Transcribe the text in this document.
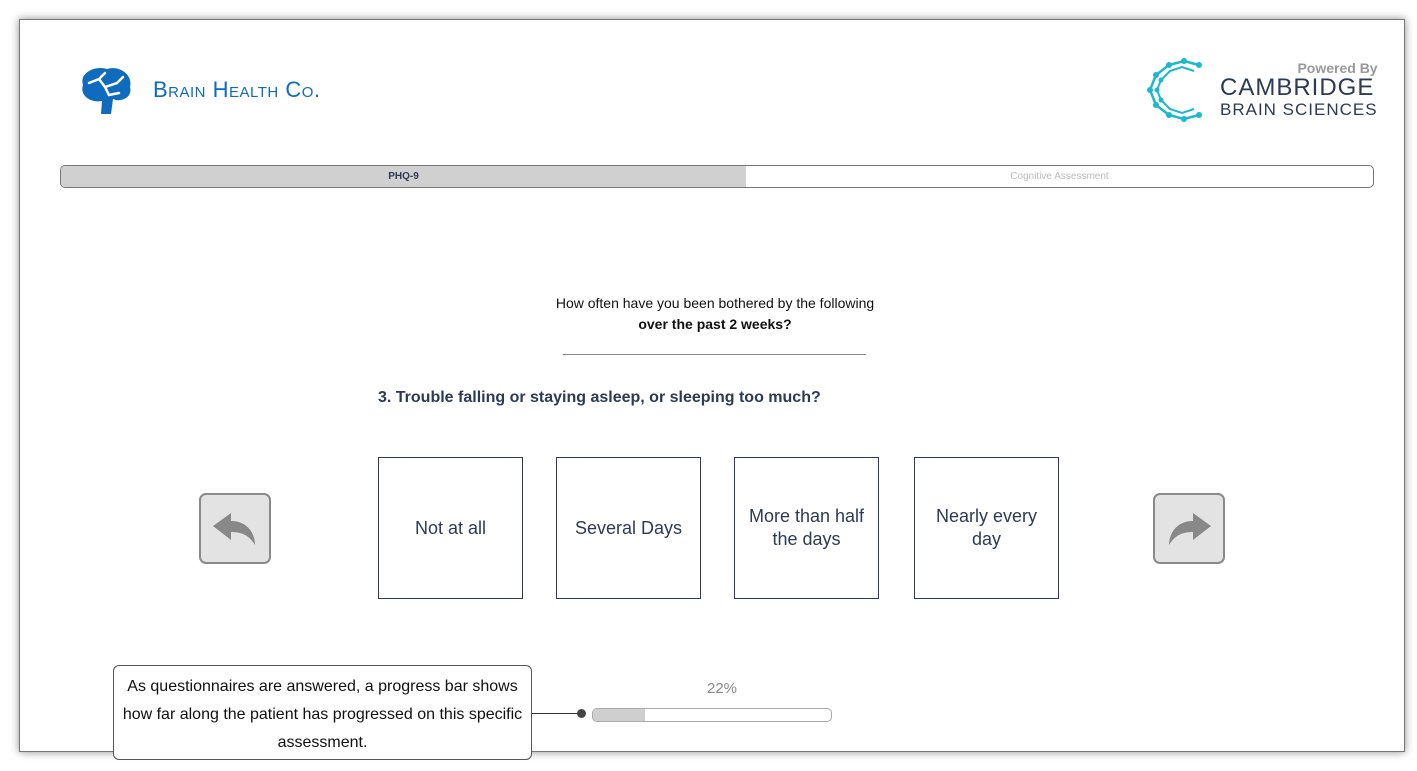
Brain Health Co.
Powered By
CAMBRIDGE
BRAIN SCIENCES
PHQ-9	Cognitive Assessment
How often have you been bothered by the following over the past 2 weeks?
3. Trouble falling or staying asleep, or sleeping too much?
Not at all	Several Days
More than half the days
Nearly every day
22%
As questionnaires are answered, a progress bar shows how far along the patient has progressed on this specific assessment.
